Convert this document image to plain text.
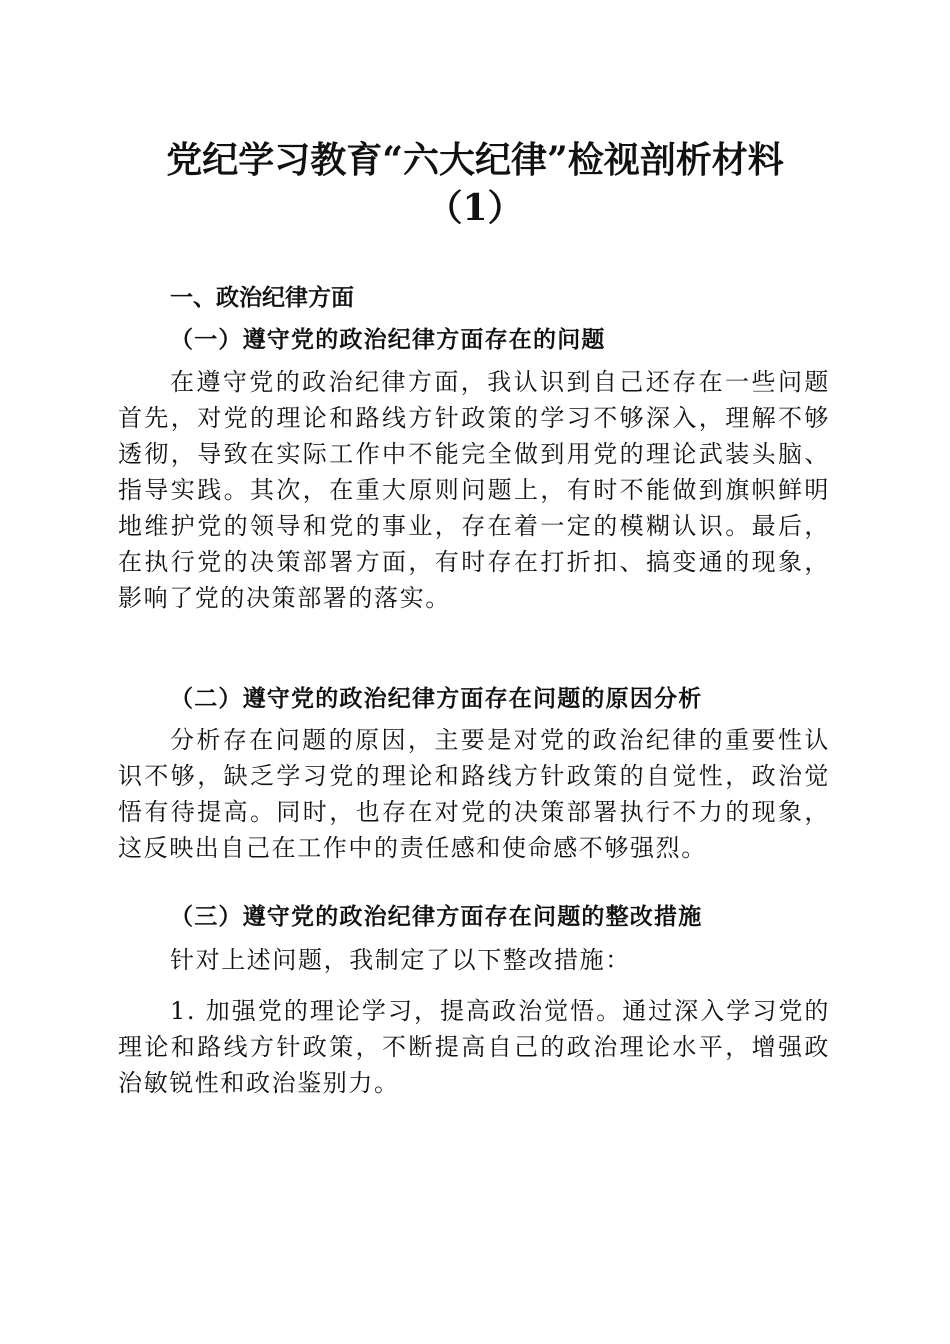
党纪学习教育“六大纪律”检视剖析材料
（1）
一、政治纪律方面
（一）遵守党的政治纪律方面存在的问题

在遵守党的政治纪律方面，我认识到自己还存在一些问题首先，对党的理论和路线方针政策的学习不够深入，理解不够透彻，导致在实际工作中不能完全做到用党的理论武装头脑、指导实践。其次，在重大原则问题上，有时不能做到旗帜鲜明地维护党的领导和党的事业，存在着一定的模糊认识。最后，在执行党的决策部署方面，有时存在打折扣、搞变通的现象，影响了党的决策部署的落实。

（二）遵守党的政治纪律方面存在问题的原因分析

分析存在问题的原因，主要是对党的政治纪律的重要性认识不够，缺乏学习党的理论和路线方针政策的自觉性，政治觉悟有待提高。同时，也存在对党的决策部署执行不力的现象，这反映出自己在工作中的责任感和使命感不够强烈。

（三）遵守党的政治纪律方面存在问题的整改措施

针对上述问题，我制定了以下整改措施：

1. 加强党的理论学习，提高政治觉悟。通过深入学习党的理论和路线方针政策，不断提高自己的政治理论水平，增强政治敏锐性和政治鉴别力。
